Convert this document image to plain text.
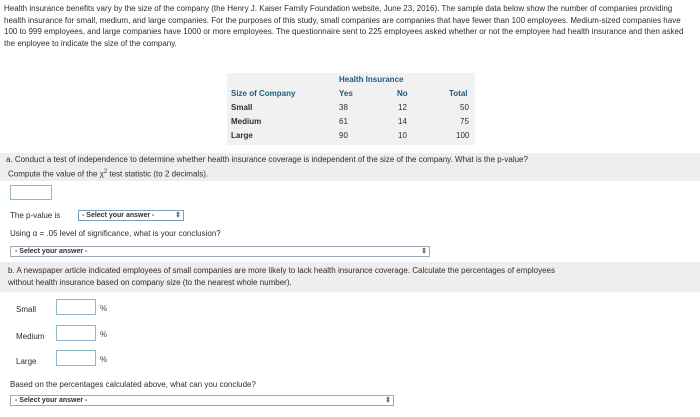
Health insurance benefits vary by the size of the company (the Henry J. Kaiser Family Foundation website, June 23, 2016). The sample data below show the number of companies providing health insurance for small, medium, and large companies. For the purposes of this study, small companies are companies that have fewer than 100 employees. Medium-sized companies have 100 to 999 employees, and large companies have 1000 or more employees. The questionnaire sent to 225 employees asked whether or not the employee had health insurance and then asked the enployee to indicate the size of the company.
Health Insurance
Size of Company	Yes	No	Total
Small	38	12	50
Medium	61	14	75
Large	90	10	100
a. Conduct a test of independence to determine whether health insurance coverage is independent of the size of the company. What is the p-value?
Compute the value of the $\chi^2$ test statistic (to 2 decimals).
The p-value is	- Select your answer -	⇕
Using α = .05 level of significance, what is your conclusion?
- Select your answer -	⇕
b. A newspaper article indicated employees of small companies are more likely to lack health insurance coverage. Calculate the percentages of employees
without health insurance based on company size (to the nearest whole number).
Small	%
Medium	%
Large	%
Based on the percentages calculated above, what can you conclude?
- Select your answer -	⇕
